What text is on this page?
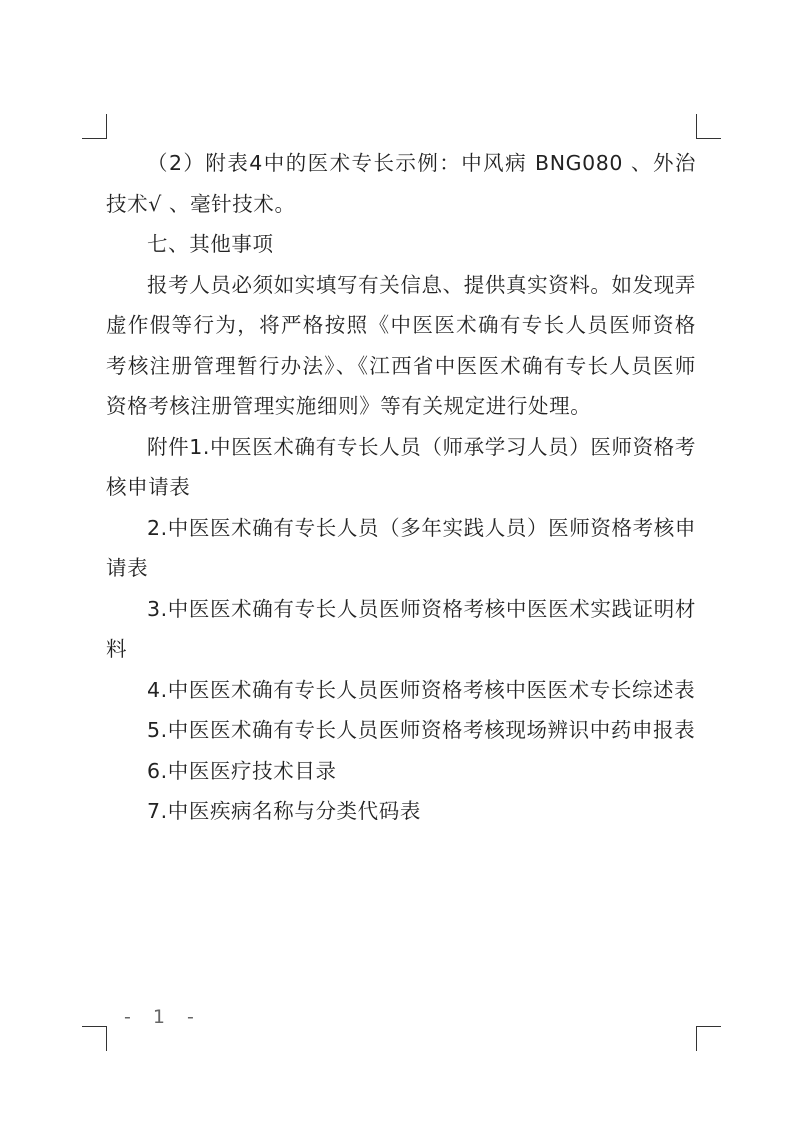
（2）附表4中的医术专长示例：中风病 BNG080 、外治技术√ 、毫针技术。

七、其他事项

报考人员必须如实填写有关信息、提供真实资料。如发现弄虚作假等行为，将严格按照《中医医术确有专长人员医师资格考核注册管理暂行办法》、《江西省中医医术确有专长人员医师资格考核注册管理实施细则》等有关规定进行处理。

附件1.中医医术确有专长人员（师承学习人员）医师资格考核申请表

2.中医医术确有专长人员（多年实践人员）医师资格考核申请表

3.中医医术确有专长人员医师资格考核中医医术实践证明材料

4.中医医术确有专长人员医师资格考核中医医术专长综述表

5.中医医术确有专长人员医师资格考核现场辨识中药申报表

6.中医医疗技术目录

7.中医疾病名称与分类代码表

- 1 -
